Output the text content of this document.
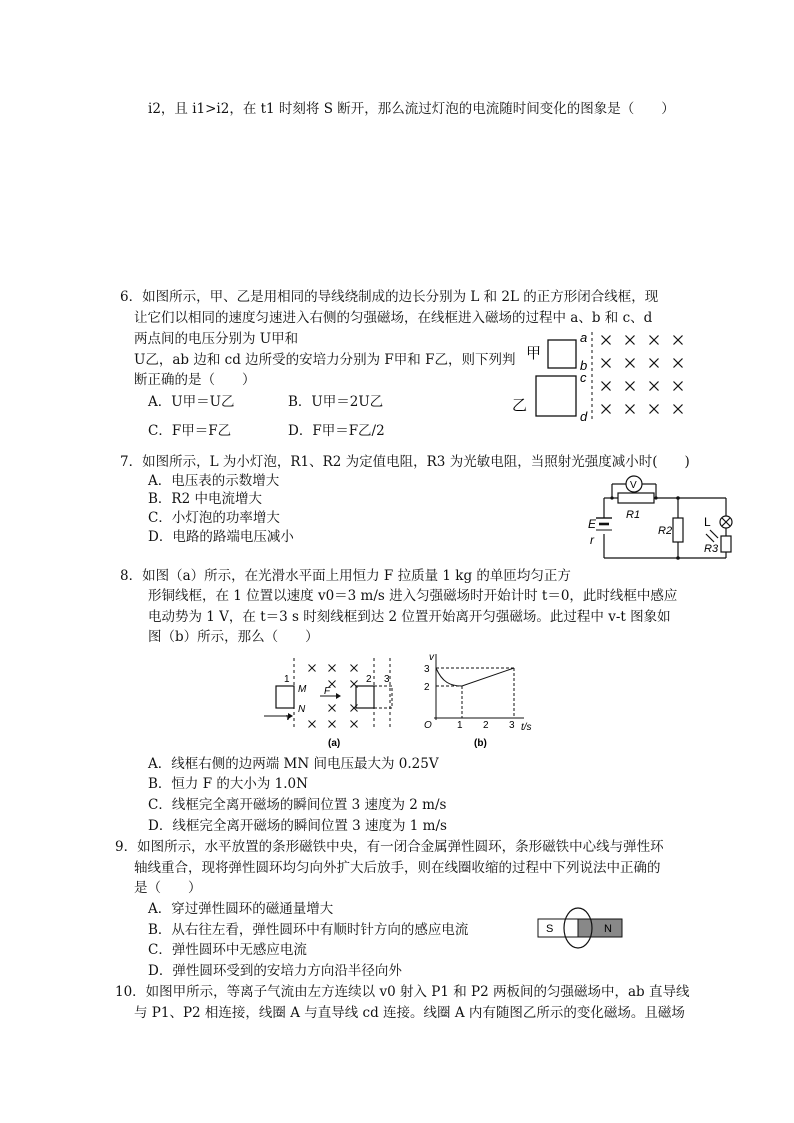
i2，且 i1>i2，在 t1 时刻将 S 断开，那么流过灯泡的电流随时间变化的图象是（　　）
6．如图所示，甲、乙是用相同的导线绕制成的边长分别为 L 和 2L 的正方形闭合线框，现
让它们以相同的速度匀速进入右侧的匀强磁场，在线框进入磁场的过程中 a、b 和 c、d
两点间的电压分别为 U甲和
U乙，ab 边和 cd 边所受的安培力分别为 F甲和 F乙，则下列判
断正确的是（　　）
A．U甲＝U乙	B．U甲＝2U乙
C．F甲＝F乙	D．F甲＝F乙/2
甲
a
b
c
d
乙
7．如图所示，L 为小灯泡，R1、R2 为定值电阻，R3 为光敏电阻，当照射光强度减小时(　　)
A．电压表的示数增大
B．R2 中电流增大
C．小灯泡的功率增大
D．电路的路端电压减小
V
R1
R2
L
R3
E
r
8．如图（a）所示，在光滑水平面上用恒力 F 拉质量 1 kg 的单匝均匀正方
形铜线框，在 1 位置以速度 v0＝3 m/s 进入匀强磁场时开始计时 t＝0，此时线框中感应
电动势为 1 V，在 t＝3 s 时刻线框到达 2 位置开始离开匀强磁场。此过程中 v-t 图象如
图（b）所示，那么（　　）
1	2 3
M
N
F
v
(a)
v
t/s
3
2
O	1 2 3
(b)
A．线框右侧的边两端 MN 间电压最大为 0.25V
B．恒力 F 的大小为 1.0N
C．线框完全离开磁场的瞬间位置 3 速度为 2 m/s
D．线框完全离开磁场的瞬间位置 3 速度为 1 m/s
9．如图所示，水平放置的条形磁铁中央，有一闭合金属弹性圆环，条形磁铁中心线与弹性环
轴线重合，现将弹性圆环均匀向外扩大后放手，则在线圈收缩的过程中下列说法中正确的
是（　　）
A．穿过弹性圆环的磁通量增大
B．从右往左看，弹性圆环中有顺时针方向的感应电流
C．弹性圆环中无感应电流
D．弹性圆环受到的安培力方向沿半径向外
S	N
10．如图甲所示，等离子气流由左方连续以 v0 射入 P1 和 P2 两板间的匀强磁场中，ab 直导线
与 P1、P2 相连接，线圈 A 与直导线 cd 连接。线圈 A 内有随图乙所示的变化磁场。且磁场
